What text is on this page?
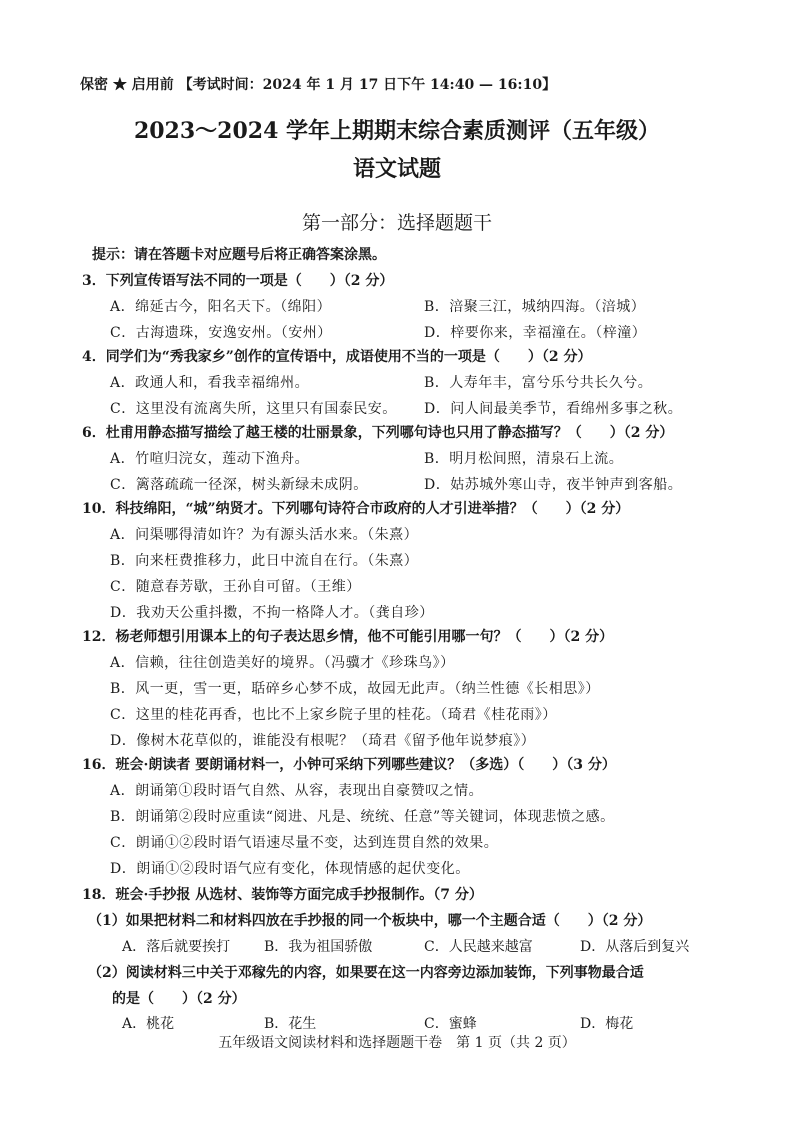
保密 ★ 启用前 【考试时间：2024 年 1 月 17 日下午 14:40 — 16:10】
2023～2024 学年上期期末综合素质测评（五年级）
语文试题
第一部分：选择题题干
提示：请在答题卡对应题号后将正确答案涂黑。
3．下列宣传语写法不同的一项是（　　）（2 分）
A．绵延古今，阳名天下。（绵阳）	B．涪聚三江，城纳四海。（涪城）
C．古海遗珠，安逸安州。（安州）	D．梓要你来，幸福潼在。（梓潼）
4．同学们为“秀我家乡”创作的宣传语中，成语使用不当的一项是（　　）（2 分）
A．政通人和，看我幸福绵州。	B．人寿年丰，富兮乐兮共长久兮。
C．这里没有流离失所，这里只有国泰民安。 D．问人间最美季节，看绵州多事之秋。
6．杜甫用静态描写描绘了越王楼的壮丽景象，下列哪句诗也只用了静态描写？（　　）（2 分）
A．竹喧归浣女，莲动下渔舟。	B．明月松间照，清泉石上流。
C．篱落疏疏一径深，树头新绿未成阴。	D．姑苏城外寒山寺，夜半钟声到客船。
10．科技绵阳，“城”纳贤才。下列哪句诗符合市政府的人才引进举措？（　　）（2 分）
A．问渠哪得清如许？为有源头活水来。（朱熹）
B．向来枉费推移力，此日中流自在行。（朱熹）
C．随意春芳歇，王孙自可留。（王维）
D．我劝天公重抖擞，不拘一格降人才。（龚自珍）
12．杨老师想引用课本上的句子表达思乡情，他不可能引用哪一句？（　　）（2 分）
A．信赖，往往创造美好的境界。（冯骥才《珍珠鸟》）
B．风一更，雪一更，聒碎乡心梦不成，故园无此声。（纳兰性德《长相思》）
C．这里的桂花再香，也比不上家乡院子里的桂花。（琦君《桂花雨》）
D．像树木花草似的，谁能没有根呢？（琦君《留予他年说梦痕》）
16．班会·朗读者 要朗诵材料一，小钟可采纳下列哪些建议？（多选）（　　）（3 分）
A．朗诵第①段时语气自然、从容，表现出自豪赞叹之情。
B．朗诵第②段时应重读“阅进、凡是、统统、任意”等关键词，体现悲愤之感。
C．朗诵①②段时语气语速尽量不变，达到连贯自然的效果。
D．朗诵①②段时语气应有变化，体现情感的起伏变化。
18．班会·手抄报 从选材、装饰等方面完成手抄报制作。（7 分）
（1）如果把材料二和材料四放在手抄报的同一个板块中，哪一个主题合适（　　）（2 分）
A．落后就要挨打 B．我为祖国骄傲	C．人民越来越富	D．从落后到复兴
（2）阅读材料三中关于邓稼先的内容，如果要在这一内容旁边添加装饰，下列事物最合适
的是（　　）（2 分）
A．桃花	B．花生	C．蜜蜂	D．梅花
五年级语文阅读材料和选择题题干卷　第 1 页（共 2 页）
